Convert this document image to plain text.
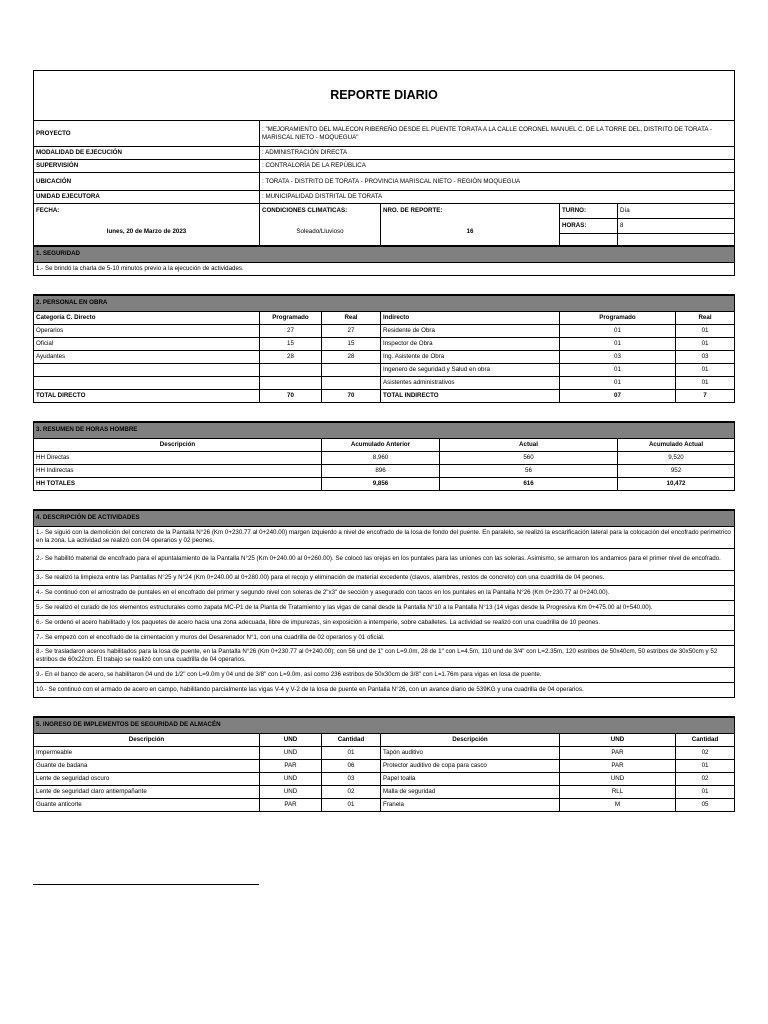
REPORTE DIARIO							
PROYECTO	: "MEJORAMIENTO DEL MALECON RIBEREÑO DESDE EL PUENTE TORATA A LA CALLE CORONEL MANUEL C. DE LA TORRE DEL, DISTRITO DE TORATA - MARISCAL NIETO - MOQUEGUA"						
MODALIDAD DE EJECUCIÓN	: ADMINISTRACIÓN DIRECTA						
SUPERVISIÓN	: CONTRALORÍA DE LA REPÚBLICA						
UBICACIÓN	: TORATA - DISTRITO DE TORATA - PROVINCIA MARISCAL NIETO - REGIÓN MOQUEGUA						
UNIDAD EJECUTORA	: MUNICIPALIDAD DISTRITAL DE TORATA						
FECHA:	CONDICIONES CLIMATICAS:		NRO. DE REPORTE:		TURNO:	Día	
lunes, 20 de Marzo de 2023	Soleado/Lluvioso		16		HORAS:	8	

1. SEGURIDAD							
1.- Se brindó la charla de 5-10 minutos previo a la ejecución de actividades.							

2. PERSONAL EN OBRA							
Categoría C. Directo	Programado	Real	Indirecto		Programado		Real
Operarios	27	27	Residente de Obra		01		01
Oficial	15	15	Inspector de Obra		01		01
Ayudantes	28	28	Ing. Asistente de Obra		03		03
			Ingenero de seguridad y Salud en obra		01		01
			Asistentes administrativos		01		01
TOTAL DIRECTO	70	70	TOTAL INDIRECTO		07		7

3. RESUMEN DE HORAS HOMBRE							
Descripción		Acumulado Anterior		Actual		Acumulado Actual	
HH Directas		8,960		560		9,520	
HH Indirectas		896		56		952	
HH TOTALES		9,856		616		10,472	

4. DESCRIPCIÓN DE ACTIVIDADES							
1.- Se siguió con la demolición del concreto de la Pantalla N°26 (Km 0+230.77 al 0+240.00) margen izquierdo a nivel de encofrado de la losa de fondo del puente. En paralelo, se realizó la escarificación lateral para la colocación del encofrado perimetrico en la zona. La actividad se realizó con 04 operarios y 02 peones.							
2.- Se habilitó material de encofrado para el apuntalamiento de la Pantalla N°25 (Km 0+240.00 al 0+260.00). Se colocó las orejas en los puntales para las uniones con las soleras. Asimismo, se armaron los andamios para el primer nivel de encofrado.							
3.- Se realizó la limpieza entre las Pantallas N°25 y N°24 (Km 0+240.00 al 0+280.00) para el recojo y eliminación de material excedente (clavos, alambres, restos de concreto) con una cuadrilla de 04 peones.							
4.- Se continuó con el arriostrado de puntales en el encofrado del primer y segundo nivel con soleras de 2"x3" de sección y asegurado con tacos en los puntales en la Pantalla N°26 (Km 0+230.77 al 0+240.00).							
5.- Se realizó el curado de los elementos estructurales como zapata MC-P1 de la Planta de Tratamiento y las vigas de canal desde la Pantalla N°10 a la Pantalla N°13 (14 vigas desde la Progresiva Km 0+475.00 al 0+540.00).							
6.- Se ordenó el acero habilitado y los paquetes de acero hacia una zona adecuada, libre de impurezas, sin exposición a intemperie, sobre caballetes. La actividad se realizó con una cuadrilla de 10 peones.							
7.- Se empezó con el encofrado de la cimentación y muros del Desarenador N°1, con una cuadrilla de 02 operarios y 01 oficial.							
8.- Se trasladaron aceros habilitados para la losa de puente, en la Pantalla N°26 (Km 0+230.77 al 0+240.00); con 56 und de 1" con L=9.0m, 28 de 1" con L=4.5m, 110 und de 3/4" con L=2.35m, 120 estribos de 50x40cm, 50 estribos de 30x50cm y 52 estribos de 60x22cm. El trabajo se realizó con una cuadrilla de 04 operarios.							
9.- En el banco de acero, se habilitaron 04 und de 1/2" con L=9.0m y 04 und de 3/8" con L=9.0m, así como 236 estribos de 50x30cm de 3/8" con L=1.76m para vigas en losa de puente.							
10.- Se continuó con el armado de acero en campo, habilitando parcialmente las vigas V-4 y V-2 de la losa de puente en Pantalla N°26, con un avance diario de 539KG y una cuadrilla de 04 operarios.							

5. INGRESO DE IMPLEMENTOS DE SEGURIDAD DE ALMACÉN							
Descripción	UND	Cantidad	Descripción		UND		Cantidad
Impermeable	UND	01	Tapón auditivo		PAR		02
Guante de badana	PAR	06	Protector auditivo de copa para casco		PAR		01
Lente de seguridad oscuro	UND	03	Papel toalla		UND		02
Lente de seguridad claro antiempañante	UND	02	Malla de seguridad		RLL		01
Guante anticorte	PAR	01	Franela		M		05
